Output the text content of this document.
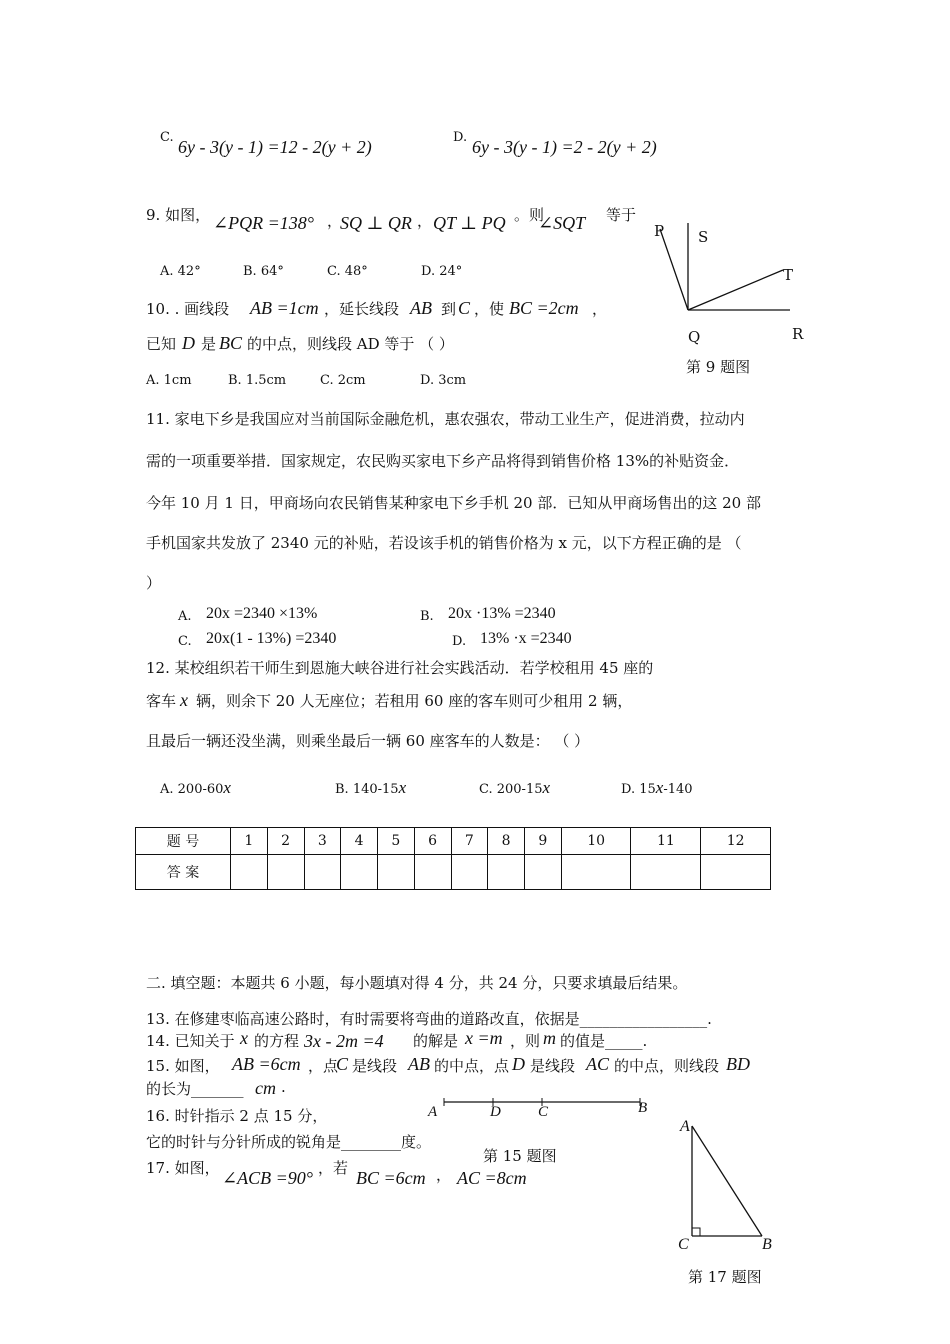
C. 6y - 3(y - 1) =12 - 2(y + 2)	D. 6y - 3(y - 1) =2 - 2(y + 2)
9. 如图， ∠PQR =138° ，
SQ ⊥ QR ， QT ⊥ PQ 。则
∠SQT 等于
A. 42°	B. 64°	C. 48°	D. 24°
P S
T
Q	R
第 9 题图
10. . 画线段 AB =1cm ，延长线段 AB 到 C ，使 BC =2cm ，
已知 D 是 BC 的中点，则线段 AD 等于 （ ）
A. 1cm	B. 1.5cm	C. 2cm	D. 3cm
11. 家电下乡是我国应对当前国际金融危机，惠农强农，带动工业生产，促进消费，拉动内
需的一项重要举措．国家规定，农民购买家电下乡产品将得到销售价格 13%的补贴资金．
今年 10 月 1 日，甲商场向农民销售某种家电下乡手机 20 部．已知从甲商场售出的这 20 部
手机国家共发放了 2340 元的补贴，若设该手机的销售价格为 x 元，以下方程正确的是 （
）
A. 20x =2340 ×13%	B. 20x ·13% =2340
C. 20x(1 - 13%) =2340	D. 13% ·x =2340
12. 某校组织若干师生到恩施大峡谷进行社会实践活动．若学校租用 45 座的
客车 x 辆，则余下 20 人无座位；若租用 60 座的客车则可少租用 2 辆，
且最后一辆还没坐满，则乘坐最后一辆 60 座客车的人数是： （ ）
A. 200-60x	B. 140-15x	C. 200-15x	D. 15x-140
题 号	1	2	3	4	5	6	7	8	9	10	11	12
答 案												
二. 填空题：本题共 6 小题，每小题填对得 4 分，共 24 分，只要求填最后结果。
13. 在修建枣临高速公路时，有时需要将弯曲的道路改直，依据是_________________.
14. 已知关于 x 的方程 3x - 2m =4 的解是 x =m ，则 m 的值是_____.
15. 如图， AB =6cm ，点
C 是线段 AB 的中点，点 D 是线段 AC 的中点，则线段 BD
的长为_______ cm .
A	D C	B
16. 时针指示 2 点 15 分，
它的时针与分针所成的锐角是________度。
第 15 题图
17. 如图， ∠ACB =90° ，若 BC =6cm ， AC =8cm
A
C	B
第 17 题图
